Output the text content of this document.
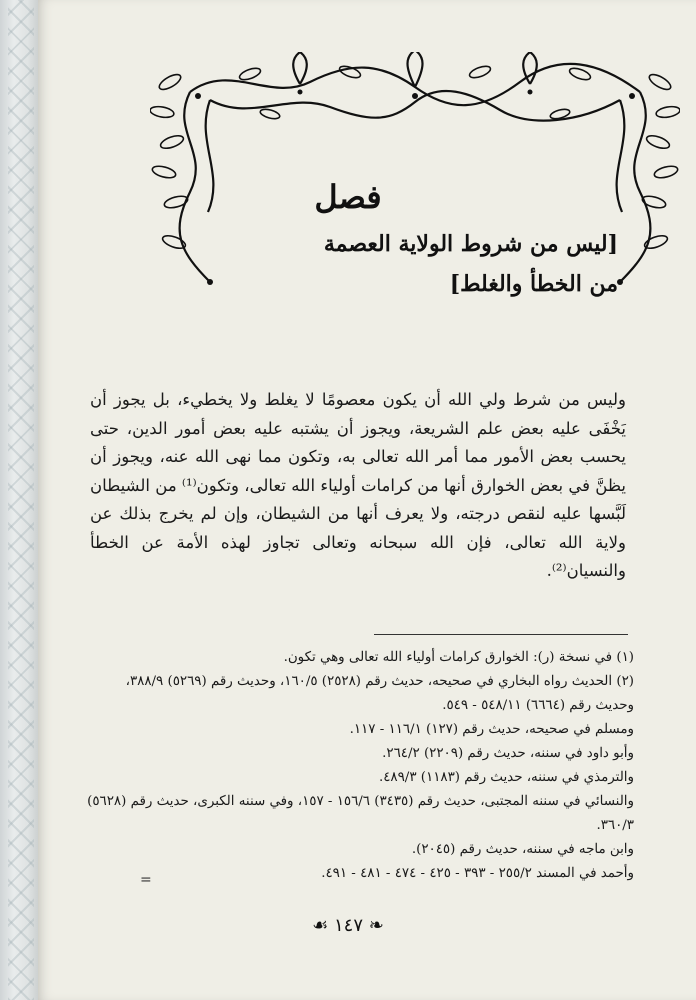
فصل
[ليس من شروط الولاية العصمة
من الخطأ والغلط]

وليس من شرط ولي الله أن يكون معصومًا لا يغلط ولا يخطيء، بل يجوز أن يَخْفَى عليه بعض علم الشريعة، ويجوز أن يشتبه عليه بعض أمور الدين، حتى يحسب بعض الأمور مما أمر الله تعالى به، وتكون مما نهى الله عنه، ويجوز أن يظنَّ في بعض الخوارق أنها من كرامات أولياء الله تعالى، وتكون⁽¹⁾ من الشيطان لَبَّسها عليه لنقص درجته، ولا يعرف أنها من الشيطان، وإن لم يخرج بذلك عن ولاية الله تعالى، فإن الله سبحانه وتعالى تجاوز لهذه الأمة عن الخطأ والنسيان⁽²⁾.

(١) في نسخة (ر): الخوارق كرامات أولياء الله تعالى وهي تكون.

(٢) الحديث رواه البخاري في صحيحه، حديث رقم (٢٥٢٨) ١٦٠/٥، وحديث رقم (٥٢٦٩) ٣٨٨/٩، وحديث رقم (٦٦٦٤) ٥٤٨/١١ - ٥٤٩.

ومسلم في صحيحه، حديث رقم (١٢٧) ١١٦/١ - ١١٧.

وأبو داود في سننه، حديث رقم (٢٢٠٩) ٢٦٤/٢.

والترمذي في سننه، حديث رقم (١١٨٣) ٤٨٩/٣.

والنسائي في سننه المجتبى، حديث رقم (٣٤٣٥) ١٥٦/٦ - ١٥٧، وفي سننه الكبرى، حديث رقم (٥٦٢٨) ٣٦٠/٣.

وابن ماجه في سننه، حديث رقم (٢٠٤٥).

وأحمد في المسند ٢٥٥/٢ - ٣٩٣ - ٤٢٥ - ٤٧٤ - ٤٨١ - ٤٩١.

=
❧ ١٤٧ ☙
